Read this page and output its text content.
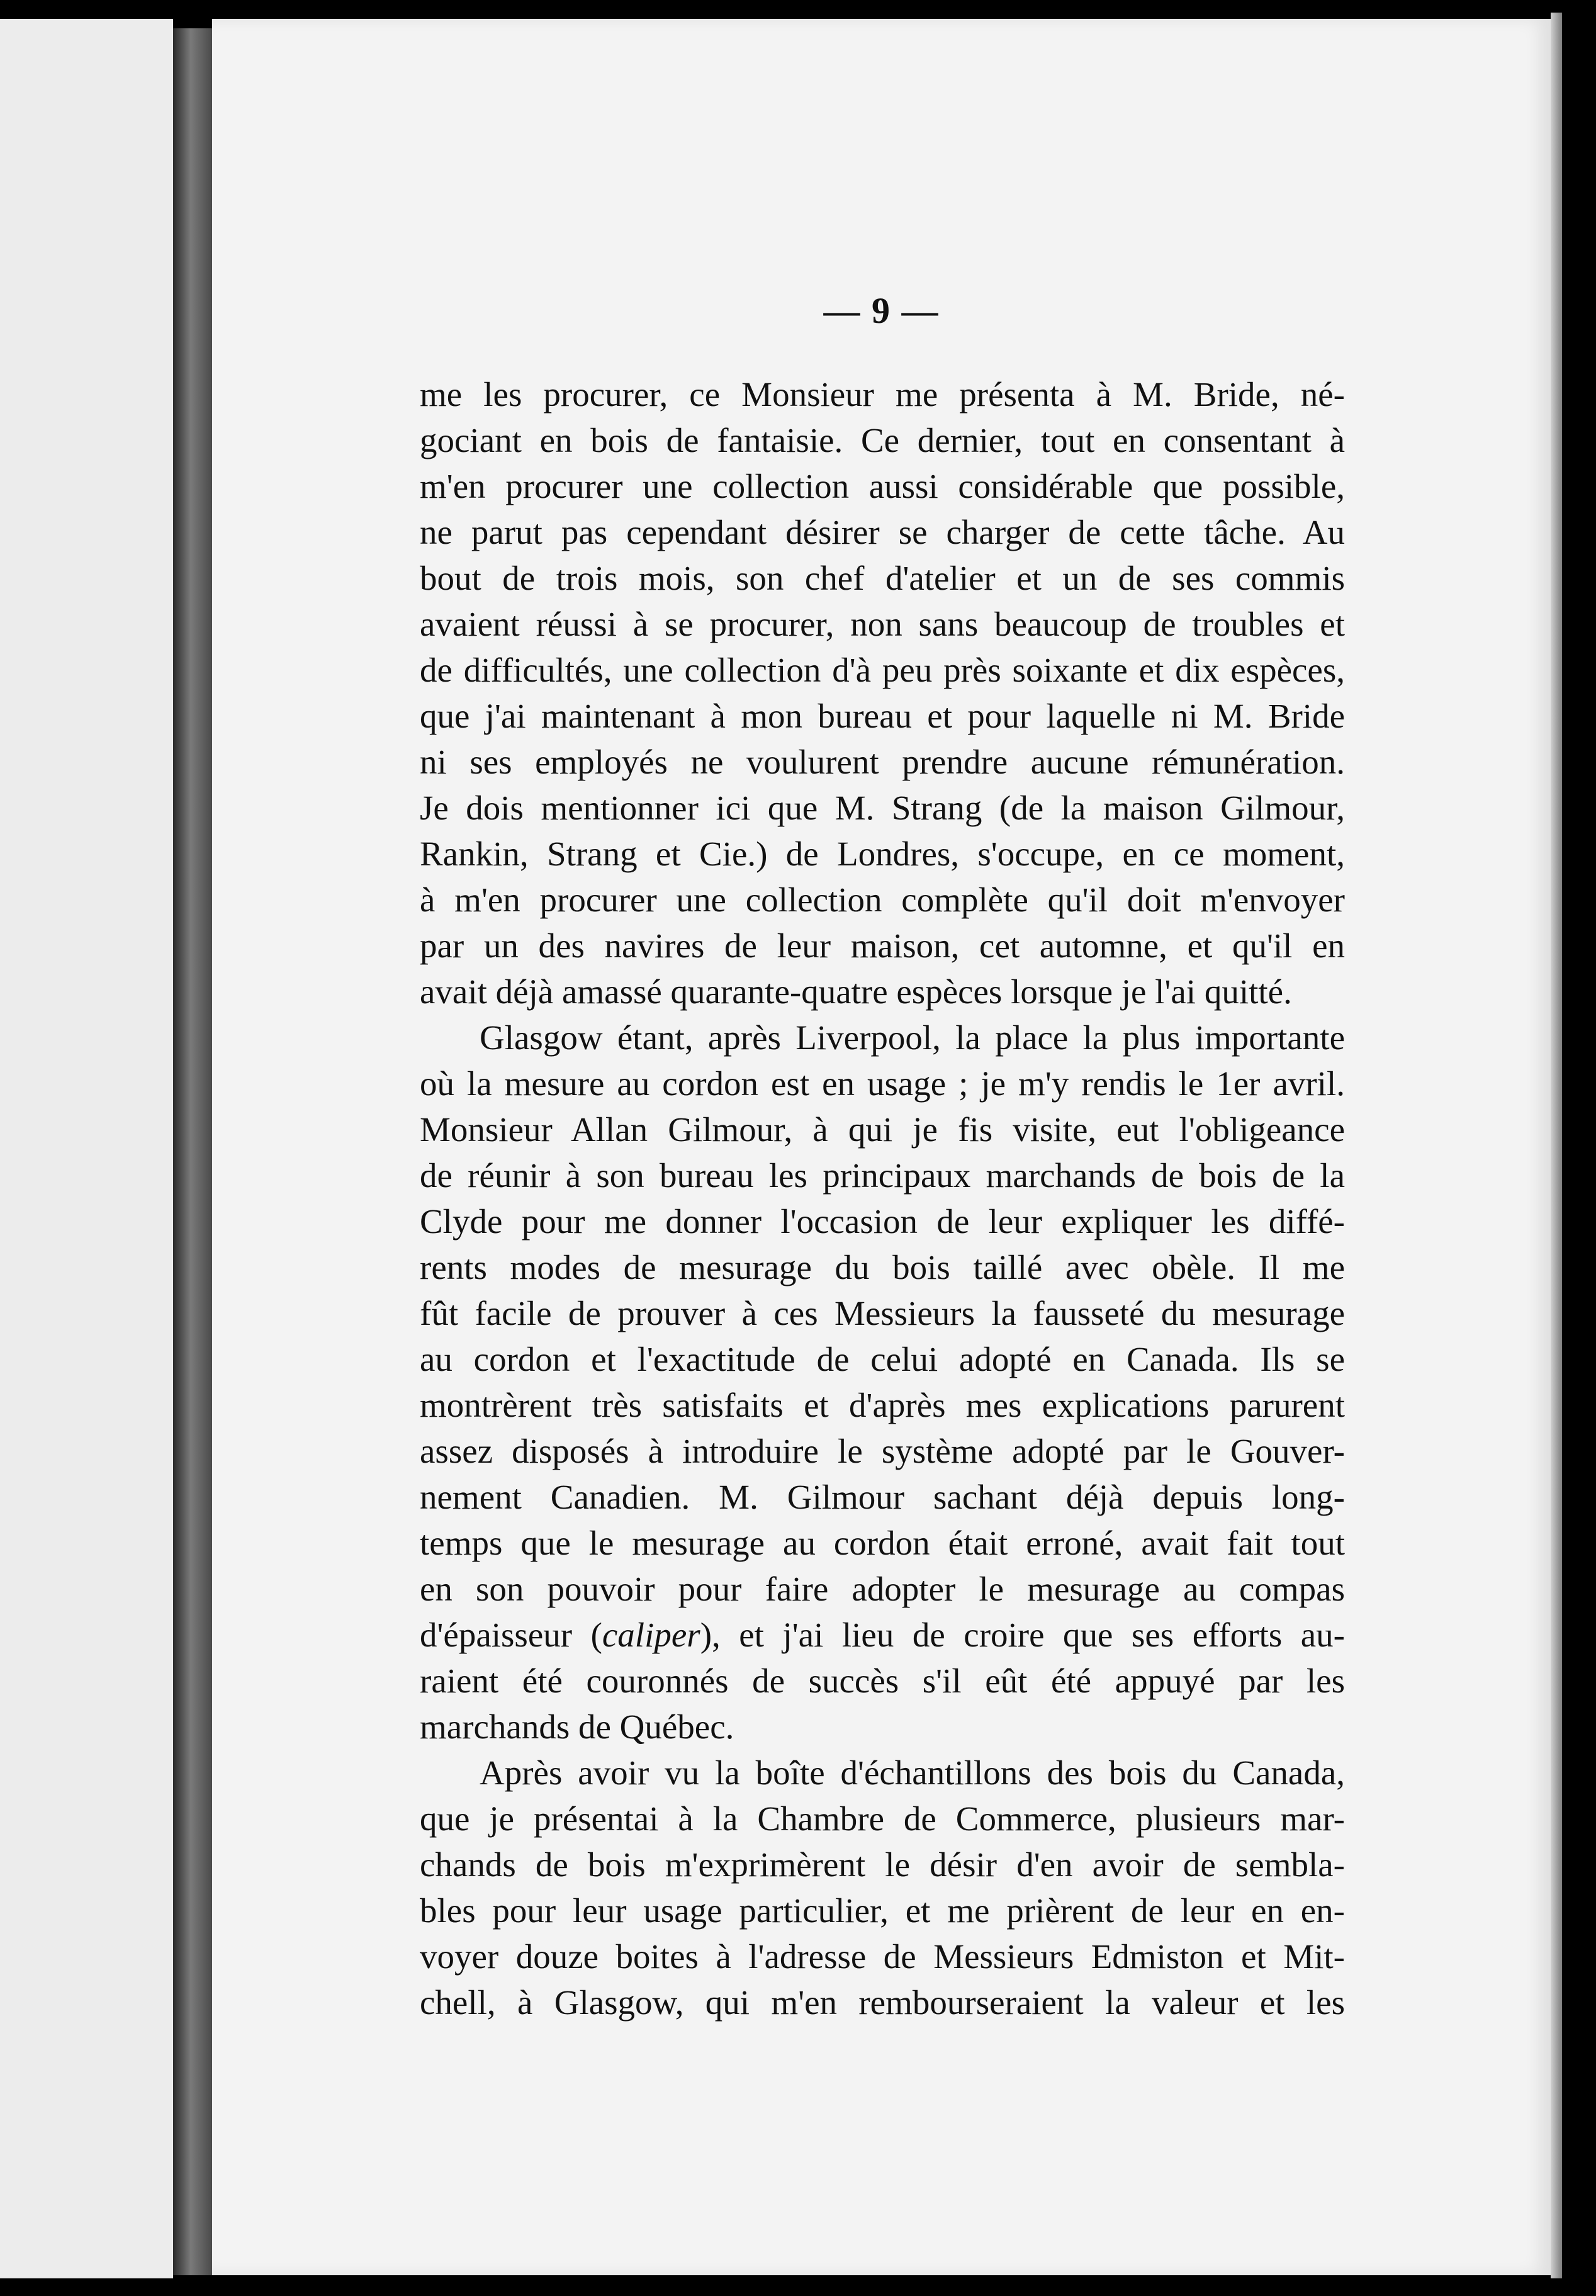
— 9 —
me les procurer, ce Monsieur me présenta à M. Bride, né-
gociant en bois de fantaisie. Ce dernier, tout en consentant à
m'en procurer une collection aussi considérable que possible,
ne parut pas cependant désirer se charger de cette tâche. Au
bout de trois mois, son chef d'atelier et un de ses commis
avaient réussi à se procurer, non sans beaucoup de troubles et
de difficultés, une collection d'à peu près soixante et dix espèces,
que j'ai maintenant à mon bureau et pour laquelle ni M. Bride
ni ses employés ne voulurent prendre aucune rémunération.
Je dois mentionner ici que M. Strang (de la maison Gilmour,
Rankin, Strang et Cie.) de Londres, s'occupe, en ce moment,
à m'en procurer une collection complète qu'il doit m'envoyer
par un des navires de leur maison, cet automne, et qu'il en
avait déjà amassé quarante-quatre espèces lorsque je l'ai quitté.
Glasgow étant, après Liverpool, la place la plus importante
où la mesure au cordon est en usage ; je m'y rendis le 1er avril.
Monsieur Allan Gilmour, à qui je fis visite, eut l'obligeance
de réunir à son bureau les principaux marchands de bois de la
Clyde pour me donner l'occasion de leur expliquer les diffé-
rents modes de mesurage du bois taillé avec obèle. Il me
fût facile de prouver à ces Messieurs la fausseté du mesurage
au cordon et l'exactitude de celui adopté en Canada. Ils se
montrèrent très satisfaits et d'après mes explications parurent
assez disposés à introduire le système adopté par le Gouver-
nement Canadien. M. Gilmour sachant déjà depuis long-
temps que le mesurage au cordon était erroné, avait fait tout
en son pouvoir pour faire adopter le mesurage au compas
d'épaisseur (caliper), et j'ai lieu de croire que ses efforts au-
raient été couronnés de succès s'il eût été appuyé par les
marchands de Québec.
Après avoir vu la boîte d'échantillons des bois du Canada,
que je présentai à la Chambre de Commerce, plusieurs mar-
chands de bois m'exprimèrent le désir d'en avoir de sembla-
bles pour leur usage particulier, et me prièrent de leur en en-
voyer douze boites à l'adresse de Messieurs Edmiston et Mit-
chell, à Glasgow, qui m'en rembourseraient la valeur et les
